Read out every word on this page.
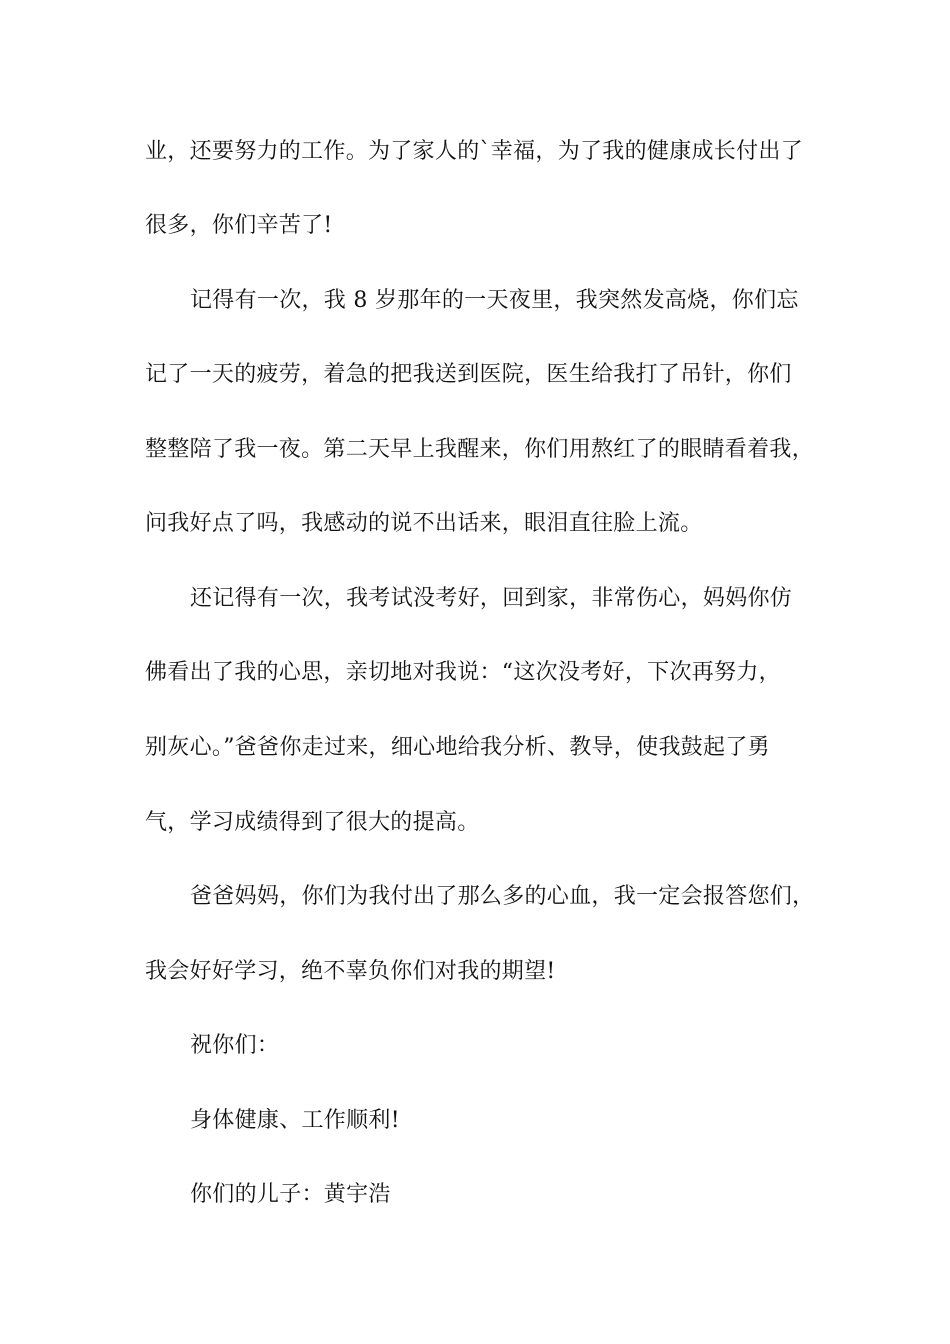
业，还要努力的工作。为了家人的`幸福，为了我的健康成长付出了
很多，你们辛苦了!
记得有一次，我 8 岁那年的一天夜里，我突然发高烧，你们忘
记了一天的疲劳，着急的把我送到医院，医生给我打了吊针，你们
整整陪了我一夜。第二天早上我醒来，你们用熬红了的眼睛看着我，
问我好点了吗，我感动的说不出话来，眼泪直往脸上流。
还记得有一次，我考试没考好，回到家，非常伤心，妈妈你仿
佛看出了我的心思，亲切地对我说：“这次没考好，下次再努力，
别灰心。”爸爸你走过来，细心地给我分析、教导，使我鼓起了勇
气，学习成绩得到了很大的提高。
爸爸妈妈，你们为我付出了那么多的心血，我一定会报答您们，
我会好好学习，绝不辜负你们对我的期望!
祝你们：
身体健康、工作顺利!
你们的儿子：黄宇浩
